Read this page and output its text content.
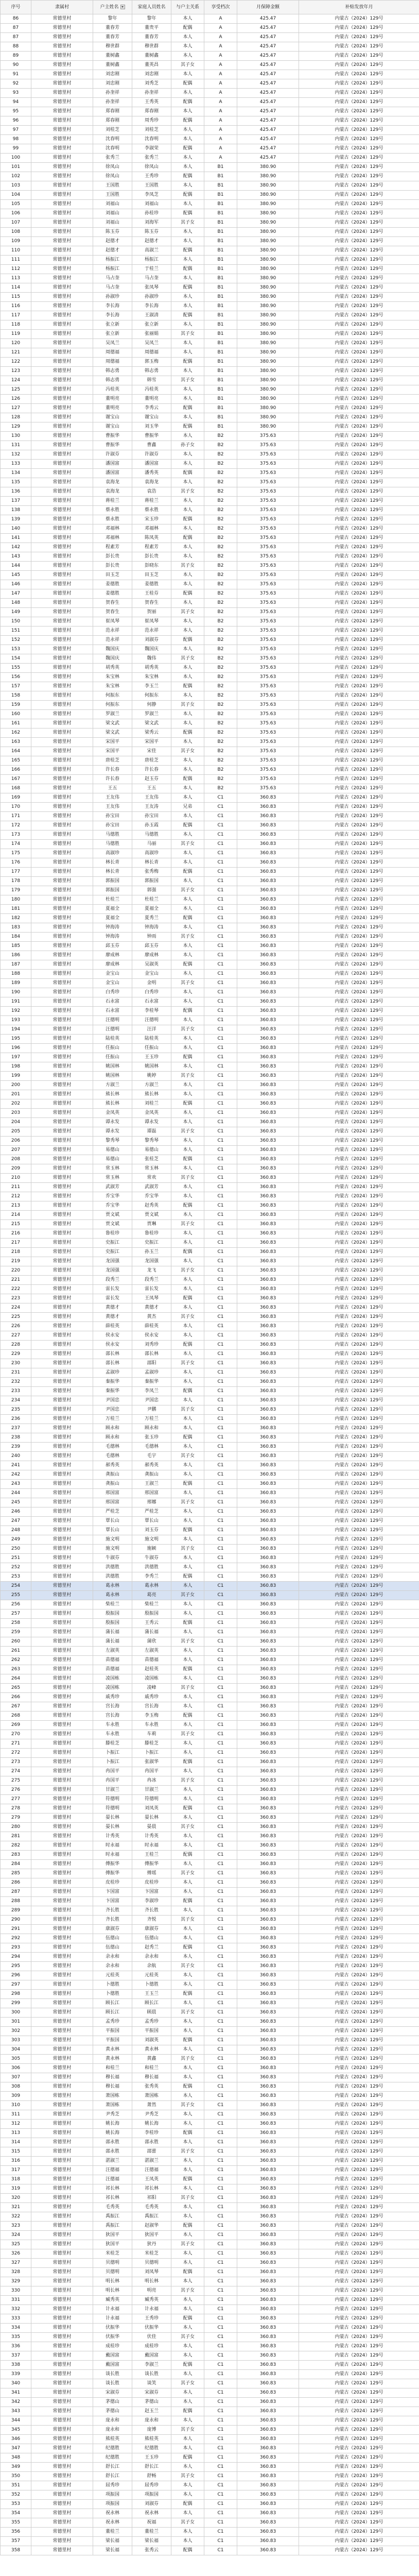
序号	隶属村	户主姓名	家庭人员姓名	与户主关系	享受档次	月保障金额	补贴发放年月
86	常德里村	黎年	黎年	本人	A	425.47	内蒙古（2024）129号
87	常德里村	董春芳	董贵平	配偶	A	425.47	内蒙古（2024）129号
87	常德里村	董春芳	董春芳	本人	A	425.47	内蒙古（2024）129号
88	常德里村	穆世群	穆世群	本人	A	425.47	内蒙古（2024）129号
89	常德里村	董树鑫	董树鑫	本人	A	425.47	内蒙古（2024）129号
90	常德里村	董树鑫	董英昌	其子女	A	425.47	内蒙古（2024）129号
91	常德里村	刘忠刚	刘忠刚	本人	A	425.47	内蒙古（2024）129号
92	常德里村	刘忠刚	刘秀芝	配偶	A	425.47	内蒙古（2024）129号
93	常德里村	孙奎祥	孙奎祥	本人	A	425.47	内蒙古（2024）129号
94	常德里村	孙奎祥	王秀英	配偶	A	425.47	内蒙古（2024）129号
95	常德里村	郑春刚	郑春刚	本人	A	425.47	内蒙古（2024）129号
96	常德里村	郑春刚	周秀珍	配偶	A	425.47	内蒙古（2024）129号
97	常德里村	刘桂芝	刘桂芝	本人	A	425.47	内蒙古（2024）129号
98	常德里村	沈春明	沈春明	本人	A	425.47	内蒙古（2024）129号
99	常德里村	沈春明	李淑荣	配偶	A	425.47	内蒙古（2024）129号
100	常德里村	张秀兰	张秀兰	本人	A	425.47	内蒙古（2024）129号
101	常德里村	徐凤山	徐凤山	本人	B1	380.90	内蒙古（2024）129号
102	常德里村	徐凤山	王秀珍	配偶	B1	380.90	内蒙古（2024）129号
103	常德里村	王国胜	王国胜	本人	B1	380.90	内蒙古（2024）129号
104	常德里村	王国胜	李凤芝	配偶	B1	380.90	内蒙古（2024）129号
105	常德里村	刘福山	刘福山	本人	B1	380.90	内蒙古（2024）129号
106	常德里村	刘福山	孙桂珍	配偶	B1	380.90	内蒙古（2024）129号
107	常德里村	刘福山	刘海军	其子女	B1	380.90	内蒙古（2024）129号
108	常德里村	陈玉芬	陈玉芬	本人	B1	380.90	内蒙古（2024）129号
109	常德里村	赵德才	赵德才	本人	B1	380.90	内蒙古（2024）129号
110	常德里村	赵德才	高淑兰	配偶	B1	380.90	内蒙古（2024）129号
111	常德里村	杨振江	杨振江	本人	B1	380.90	内蒙古（2024）129号
112	常德里村	杨振江	于桂兰	配偶	B1	380.90	内蒙古（2024）129号
113	常德里村	马占奎	马占奎	本人	B1	380.90	内蒙古（2024）129号
114	常德里村	马占奎	张凤琴	配偶	B1	380.90	内蒙古（2024）129号
115	常德里村	孙淑珍	孙淑珍	本人	B1	380.90	内蒙古（2024）129号
116	常德里村	李长海	李长海	本人	B1	380.90	内蒙古（2024）129号
117	常德里村	李长海	王淑清	配偶	B1	380.90	内蒙古（2024）129号
118	常德里村	张立新	张立新	本人	B1	380.90	内蒙古（2024）129号
119	常德里村	张立新	张丽娟	其子女	B1	380.90	内蒙古（2024）129号
120	常德里村	吴凤兰	吴凤兰	本人	B1	380.90	内蒙古（2024）129号
121	常德里村	周德福	周德福	本人	B1	380.90	内蒙古（2024）129号
122	常德里村	周德福	郭玉梅	配偶	B1	380.90	内蒙古（2024）129号
123	常德里村	韩志勇	韩志勇	本人	B1	380.90	内蒙古（2024）129号
124	常德里村	韩志勇	韩雪	其子女	B1	380.90	内蒙古（2024）129号
125	常德里村	冯桂英	冯桂英	本人	B1	380.90	内蒙古（2024）129号
126	常德里村	董明亮	董明亮	本人	B1	380.90	内蒙古（2024）129号
127	常德里村	董明亮	李秀云	配偶	B1	380.90	内蒙古（2024）129号
128	常德里村	谢宝山	谢宝山	本人	B1	380.90	内蒙古（2024）129号
129	常德里村	谢宝山	刘玉华	配偶	B1	380.90	内蒙古（2024）129号
130	常德里村	曹振华	曹振华	本人	B2	375.63	内蒙古（2024）129号
131	常德里村	曹振华	曹鑫	孙子女	B2	375.63	内蒙古（2024）129号
132	常德里村	许淑芬	许淑芬	本人	B2	375.63	内蒙古（2024）129号
133	常德里村	潘国富	潘国富	本人	B2	375.63	内蒙古（2024）129号
134	常德里村	潘国富	潘秀英	配偶	B2	375.63	内蒙古（2024）129号
135	常德里村	袁海龙	袁海龙	本人	B2	375.63	内蒙古（2024）129号
136	常德里村	袁海龙	袁浩	其子女	B2	375.63	内蒙古（2024）129号
137	常德里村	蒋桂兰	蒋桂兰	本人	B2	375.63	内蒙古（2024）129号
138	常德里村	蔡永胜	蔡永胜	本人	B2	375.63	内蒙古（2024）129号
139	常德里村	蔡永胜	宋玉珍	配偶	B2	375.63	内蒙古（2024）129号
140	常德里村	邓福林	邓福林	本人	B2	375.63	内蒙古（2024）129号
141	常德里村	邓福林	陈凤英	配偶	B2	375.63	内蒙古（2024）129号
142	常德里村	程素芳	程素芳	本人	B2	375.63	内蒙古（2024）129号
143	常德里村	彭长贵	彭长贵	本人	B2	375.63	内蒙古（2024）129号
144	常德里村	彭长贵	彭晓东	其子女	B2	375.63	内蒙古（2024）129号
145	常德里村	田玉芝	田玉芝	本人	B2	375.63	内蒙古（2024）129号
146	常德里村	姜德胜	姜德胜	本人	B2	375.63	内蒙古（2024）129号
147	常德里村	姜德胜	王桂芬	配偶	B2	375.63	内蒙古（2024）129号
148	常德里村	贺春生	贺春生	本人	B2	375.63	内蒙古（2024）129号
149	常德里村	贺春生	贺丽	其子女	B2	375.63	内蒙古（2024）129号
150	常德里村	崔凤琴	崔凤琴	本人	B2	375.63	内蒙古（2024）129号
151	常德里村	范永祥	范永祥	本人	B2	375.63	内蒙古（2024）129号
152	常德里村	范永祥	刘淑芬	配偶	B2	375.63	内蒙古（2024）129号
153	常德里村	魏国庆	魏国庆	本人	B2	375.63	内蒙古（2024）129号
154	常德里村	魏国庆	魏伟	其子女	B2	375.63	内蒙古（2024）129号
155	常德里村	胡秀英	胡秀英	本人	B2	375.63	内蒙古（2024）129号
156	常德里村	朱宝林	朱宝林	本人	B2	375.63	内蒙古（2024）129号
157	常德里村	朱宝林	李玉兰	配偶	B2	375.63	内蒙古（2024）129号
158	常德里村	何振东	何振东	本人	B2	375.63	内蒙古（2024）129号
159	常德里村	何振东	何静	其子女	B2	375.63	内蒙古（2024）129号
160	常德里村	罗淑兰	罗淑兰	本人	B2	375.63	内蒙古（2024）129号
161	常德里村	梁文武	梁文武	本人	B2	375.63	内蒙古（2024）129号
162	常德里村	梁文武	梁秀云	配偶	B2	375.63	内蒙古（2024）129号
163	常德里村	宋国平	宋国平	本人	B2	375.63	内蒙古（2024）129号
164	常德里村	宋国平	宋佳	其子女	B2	375.63	内蒙古（2024）129号
165	常德里村	唐桂芝	唐桂芝	本人	B2	375.63	内蒙古（2024）129号
166	常德里村	许长春	许长春	本人	B2	375.63	内蒙古（2024）129号
167	常德里村	许长春	赵玉芬	配偶	B2	375.63	内蒙古（2024）129号
168	常德里村	王五	王五	本人	B2	375.63	内蒙古（2024）129号
169	常德里村	王友伟	王友伟	本人	C1	360.83	内蒙古（2024）129号
170	常德里村	王友伟	王友涛	兄弟	C1	360.83	内蒙古（2024）129号
171	常德里村	孙宝田	孙宝田	本人	C1	360.83	内蒙古（2024）129号
172	常德里村	孙宝田	孙玉霞	配偶	C1	360.83	内蒙古（2024）129号
173	常德里村	马德胜	马德胜	本人	C1	360.83	内蒙古（2024）129号
174	常德里村	马德胜	马丽	其子女	C1	360.83	内蒙古（2024）129号
175	常德里村	高淑珍	高淑珍	本人	C1	360.83	内蒙古（2024）129号
176	常德里村	林长青	林长青	本人	C1	360.83	内蒙古（2024）129号
177	常德里村	林长青	张秀梅	配偶	C1	360.83	内蒙古（2024）129号
178	常德里村	郭振国	郭振国	本人	C1	360.83	内蒙古（2024）129号
179	常德里村	郭振国	郭强	其子女	C1	360.83	内蒙古（2024）129号
180	常德里村	杜桂兰	杜桂兰	本人	C1	360.83	内蒙古（2024）129号
181	常德里村	夏福全	夏福全	本人	C1	360.83	内蒙古（2024）129号
182	常德里村	夏福全	夏秀兰	配偶	C1	360.83	内蒙古（2024）129号
183	常德里村	钟海涛	钟海涛	本人	C1	360.83	内蒙古（2024）129号
184	常德里村	钟海涛	钟雨	其子女	C1	360.83	内蒙古（2024）129号
185	常德里村	邱玉芬	邱玉芬	本人	C1	360.83	内蒙古（2024）129号
186	常德里村	廖成林	廖成林	本人	C1	360.83	内蒙古（2024）129号
187	常德里村	廖成林	吴淑英	配偶	C1	360.83	内蒙古（2024）129号
188	常德里村	金宝山	金宝山	本人	C1	360.83	内蒙古（2024）129号
189	常德里村	金宝山	金明	其子女	C1	360.83	内蒙古（2024）129号
190	常德里村	白秀珍	白秀珍	本人	C1	360.83	内蒙古（2024）129号
191	常德里村	石永富	石永富	本人	C1	360.83	内蒙古（2024）129号
192	常德里村	石永富	李桂琴	配偶	C1	360.83	内蒙古（2024）129号
193	常德里村	汪德明	汪德明	本人	C1	360.83	内蒙古（2024）129号
194	常德里村	汪德明	汪洋	其子女	C1	360.83	内蒙古（2024）129号
195	常德里村	陆桂英	陆桂英	本人	C1	360.83	内蒙古（2024）129号
196	常德里村	任振山	任振山	本人	C1	360.83	内蒙古（2024）129号
197	常德里村	任振山	王玉珍	配偶	C1	360.83	内蒙古（2024）129号
198	常德里村	姚国林	姚国林	本人	C1	360.83	内蒙古（2024）129号
199	常德里村	姚国林	姚婷	其子女	C1	360.83	内蒙古（2024）129号
200	常德里村	方淑兰	方淑兰	本人	C1	360.83	内蒙古（2024）129号
201	常德里村	熊长林	熊长林	本人	C1	360.83	内蒙古（2024）129号
202	常德里村	熊长林	刘桂兰	配偶	C1	360.83	内蒙古（2024）129号
203	常德里村	金凤英	金凤英	本人	C1	360.83	内蒙古（2024）129号
204	常德里村	谭永发	谭永发	本人	C1	360.83	内蒙古（2024）129号
205	常德里村	谭永发	谭磊	其子女	C1	360.83	内蒙古（2024）129号
206	常德里村	黎秀琴	黎秀琴	本人	C1	360.83	内蒙古（2024）129号
207	常德里村	易德山	易德山	本人	C1	360.83	内蒙古（2024）129号
208	常德里村	易德山	张桂芝	配偶	C1	360.83	内蒙古（2024）129号
209	常德里村	常玉林	常玉林	本人	C1	360.83	内蒙古（2024）129号
210	常德里村	常玉林	常欢	其子女	C1	360.83	内蒙古（2024）129号
211	常德里村	武淑芳	武淑芳	本人	C1	360.83	内蒙古（2024）129号
212	常德里村	乔宝华	乔宝华	本人	C1	360.83	内蒙古（2024）129号
213	常德里村	乔宝华	赵秀英	配偶	C1	360.83	内蒙古（2024）129号
214	常德里村	贾文斌	贾文斌	本人	C1	360.83	内蒙古（2024）129号
215	常德里村	贾文斌	贾琳	其子女	C1	360.83	内蒙古（2024）129号
216	常德里村	鲁桂珍	鲁桂珍	本人	C1	360.83	内蒙古（2024）129号
217	常德里村	史振江	史振江	本人	C1	360.83	内蒙古（2024）129号
218	常德里村	史振江	孙玉兰	配偶	C1	360.83	内蒙古（2024）129号
219	常德里村	龙国强	龙国强	本人	C1	360.83	内蒙古（2024）129号
220	常德里村	龙国强	龙飞	其子女	C1	360.83	内蒙古（2024）129号
221	常德里村	段秀兰	段秀兰	本人	C1	360.83	内蒙古（2024）129号
222	常德里村	雷长发	雷长发	本人	C1	360.83	内蒙古（2024）129号
223	常德里村	雷长发	王凤琴	配偶	C1	360.83	内蒙古（2024）129号
224	常德里村	黄德才	黄德才	本人	C1	360.83	内蒙古（2024）129号
225	常德里村	黄德才	黄杰	其子女	C1	360.83	内蒙古（2024）129号
226	常德里村	薛桂英	薛桂英	本人	C1	360.83	内蒙古（2024）129号
227	常德里村	侯永安	侯永安	本人	C1	360.83	内蒙古（2024）129号
228	常德里村	侯永安	刘秀珍	配偶	C1	360.83	内蒙古（2024）129号
229	常德里村	邵长林	邵长林	本人	C1	360.83	内蒙古（2024）129号
230	常德里村	邵长林	邵阳	其子女	C1	360.83	内蒙古（2024）129号
231	常德里村	孟淑珍	孟淑珍	本人	C1	360.83	内蒙古（2024）129号
232	常德里村	秦振华	秦振华	本人	C1	360.83	内蒙古（2024）129号
233	常德里村	秦振华	李凤兰	配偶	C1	360.83	内蒙古（2024）129号
234	常德里村	尹国忠	尹国忠	本人	C1	360.83	内蒙古（2024）129号
235	常德里村	尹国忠	尹鹏	其子女	C1	360.83	内蒙古（2024）129号
236	常德里村	万桂兰	万桂兰	本人	C1	360.83	内蒙古（2024）129号
237	常德里村	顾永和	顾永和	本人	C1	360.83	内蒙古（2024）129号
238	常德里村	顾永和	张玉珍	配偶	C1	360.83	内蒙古（2024）129号
239	常德里村	毛德林	毛德林	本人	C1	360.83	内蒙古（2024）129号
240	常德里村	毛德林	毛宇	其子女	C1	360.83	内蒙古（2024）129号
241	常德里村	郝秀英	郝秀英	本人	C1	360.83	内蒙古（2024）129号
242	常德里村	龚振山	龚振山	本人	C1	360.83	内蒙古（2024）129号
243	常德里村	龚振山	王淑兰	配偶	C1	360.83	内蒙古（2024）129号
244	常德里村	邢国富	邢国富	本人	C1	360.83	内蒙古（2024）129号
245	常德里村	邢国富	邢娜	其子女	C1	360.83	内蒙古（2024）129号
246	常德里村	严桂芝	严桂芝	本人	C1	360.83	内蒙古（2024）129号
247	常德里村	覃长山	覃长山	本人	C1	360.83	内蒙古（2024）129号
248	常德里村	覃长山	刘玉芬	配偶	C1	360.83	内蒙古（2024）129号
249	常德里村	施文明	施文明	本人	C1	360.83	内蒙古（2024）129号
250	常德里村	施文明	施颖	其子女	C1	360.83	内蒙古（2024）129号
251	常德里村	牛淑芬	牛淑芬	本人	C1	360.83	内蒙古（2024）129号
252	常德里村	洪德胜	洪德胜	本人	C1	360.83	内蒙古（2024）129号
253	常德里村	洪德胜	李秀兰	配偶	C1	360.83	内蒙古（2024）129号
254	常德里村	葛永林	葛永林	本人	C1	360.83	内蒙古（2024）129号
255	常德里村	葛永林	葛亮	其子女	C1	360.83	内蒙古（2024）129号
256	常德里村	柴桂兰	柴桂兰	本人	C1	360.83	内蒙古（2024）129号
257	常德里村	殷振国	殷振国	本人	C1	360.83	内蒙古（2024）129号
258	常德里村	殷振国	王秀云	配偶	C1	360.83	内蒙古（2024）129号
259	常德里村	蒲长福	蒲长福	本人	C1	360.83	内蒙古（2024）129号
260	常德里村	蒲长福	蒲欣	其子女	C1	360.83	内蒙古（2024）129号
261	常德里村	左淑英	左淑英	本人	C1	360.83	内蒙古（2024）129号
262	常德里村	苗德福	苗德福	本人	C1	360.83	内蒙古（2024）129号
263	常德里村	苗德福	赵桂英	配偶	C1	360.83	内蒙古（2024）129号
264	常德里村	凌国栋	凌国栋	本人	C1	360.83	内蒙古（2024）129号
265	常德里村	凌国栋	凌峰	其子女	C1	360.83	内蒙古（2024）129号
266	常德里村	戚秀珍	戚秀珍	本人	C1	360.83	内蒙古（2024）129号
267	常德里村	宫长海	宫长海	本人	C1	360.83	内蒙古（2024）129号
268	常德里村	宫长海	李玉梅	配偶	C1	360.83	内蒙古（2024）129号
269	常德里村	车永胜	车永胜	本人	C1	360.83	内蒙古（2024）129号
270	常德里村	车永胜	车莉	其子女	C1	360.83	内蒙古（2024）129号
271	常德里村	滕桂芝	滕桂芝	本人	C1	360.83	内蒙古（2024）129号
272	常德里村	卜振江	卜振江	本人	C1	360.83	内蒙古（2024）129号
273	常德里村	卜振江	张淑华	配偶	C1	360.83	内蒙古（2024）129号
274	常德里村	冉国平	冉国平	本人	C1	360.83	内蒙古（2024）129号
275	常德里村	冉国平	冉冰	其子女	C1	360.83	内蒙古（2024）129号
276	常德里村	甘淑兰	甘淑兰	本人	C1	360.83	内蒙古（2024）129号
277	常德里村	符德明	符德明	本人	C1	360.83	内蒙古（2024）129号
278	常德里村	符德明	刘凤英	配偶	C1	360.83	内蒙古（2024）129号
279	常德里村	晏长林	晏长林	本人	C1	360.83	内蒙古（2024）129号
280	常德里村	晏长林	晏晨	其子女	C1	360.83	内蒙古（2024）129号
281	常德里村	计秀英	计秀英	本人	C1	360.83	内蒙古（2024）129号
282	常德里村	时永福	时永福	本人	C1	360.83	内蒙古（2024）129号
283	常德里村	时永福	王桂兰	配偶	C1	360.83	内蒙古（2024）129号
284	常德里村	傅振华	傅振华	本人	C1	360.83	内蒙古（2024）129号
285	常德里村	傅振华	傅瑶	其子女	C1	360.83	内蒙古（2024）129号
286	常德里村	皮桂珍	皮桂珍	本人	C1	360.83	内蒙古（2024）129号
287	常德里村	卞国富	卞国富	本人	C1	360.83	内蒙古（2024）129号
288	常德里村	卞国富	李淑珍	配偶	C1	360.83	内蒙古（2024）129号
289	常德里村	齐长胜	齐长胜	本人	C1	360.83	内蒙古（2024）129号
290	常德里村	齐长胜	齐悦	其子女	C1	360.83	内蒙古（2024）129号
291	常德里村	康淑芬	康淑芬	本人	C1	360.83	内蒙古（2024）129号
292	常德里村	伍德山	伍德山	本人	C1	360.83	内蒙古（2024）129号
293	常德里村	伍德山	赵秀兰	配偶	C1	360.83	内蒙古（2024）129号
294	常德里村	余永和	余永和	本人	C1	360.83	内蒙古（2024）129号
295	常德里村	余永和	余航	其子女	C1	360.83	内蒙古（2024）129号
296	常德里村	元桂英	元桂英	本人	C1	360.83	内蒙古（2024）129号
297	常德里村	卜德胜	卜德胜	本人	C1	360.83	内蒙古（2024）129号
298	常德里村	卜德胜	王玉兰	配偶	C1	360.83	内蒙古（2024）129号
299	常德里村	顾长江	顾长江	本人	C1	360.83	内蒙古（2024）129号
300	常德里村	顾长江	顾晨	其子女	C1	360.83	内蒙古（2024）129号
301	常德里村	孟秀珍	孟秀珍	本人	C1	360.83	内蒙古（2024）129号
302	常德里村	平振国	平振国	本人	C1	360.83	内蒙古（2024）129号
303	常德里村	平振国	刘淑英	配偶	C1	360.83	内蒙古（2024）129号
304	常德里村	黄永林	黄永林	本人	C1	360.83	内蒙古（2024）129号
305	常德里村	黄永林	黄鑫	其子女	C1	360.83	内蒙古（2024）129号
306	常德里村	和桂兰	和桂兰	本人	C1	360.83	内蒙古（2024）129号
307	常德里村	穆长福	穆长福	本人	C1	360.83	内蒙古（2024）129号
308	常德里村	穆长福	张秀英	配偶	C1	360.83	内蒙古（2024）129号
309	常德里村	萧国栋	萧国栋	本人	C1	360.83	内蒙古（2024）129号
310	常德里村	萧国栋	萧然	其子女	C1	360.83	内蒙古（2024）129号
311	常德里村	尹秀芝	尹秀芝	本人	C1	360.83	内蒙古（2024）129号
312	常德里村	姚长海	姚长海	本人	C1	360.83	内蒙古（2024）129号
313	常德里村	姚长海	李桂珍	配偶	C1	360.83	内蒙古（2024）129号
314	常德里村	邵永胜	邵永胜	本人	C1	360.83	内蒙古（2024）129号
315	常德里村	邵永胜	邵蕾	其子女	C1	360.83	内蒙古（2024）129号
316	常德里村	湛淑兰	湛淑兰	本人	C1	360.83	内蒙古（2024）129号
317	常德里村	汪德福	汪德福	本人	C1	360.83	内蒙古（2024）129号
318	常德里村	汪德福	王凤英	配偶	C1	360.83	内蒙古（2024）129号
319	常德里村	祁长林	祁长林	本人	C1	360.83	内蒙古（2024）129号
320	常德里村	祁长林	祁阳	其子女	C1	360.83	内蒙古（2024）129号
321	常德里村	毛秀英	毛秀英	本人	C1	360.83	内蒙古（2024）129号
322	常德里村	禹振江	禹振江	本人	C1	360.83	内蒙古（2024）129号
323	常德里村	禹振江	赵淑华	配偶	C1	360.83	内蒙古（2024）129号
324	常德里村	狄国平	狄国平	本人	C1	360.83	内蒙古（2024）129号
325	常德里村	狄国平	狄丹	其子女	C1	360.83	内蒙古（2024）129号
326	常德里村	米桂芝	米桂芝	本人	C1	360.83	内蒙古（2024）129号
327	常德里村	贝德明	贝德明	本人	C1	360.83	内蒙古（2024）129号
328	常德里村	贝德明	刘凤琴	配偶	C1	360.83	内蒙古（2024）129号
329	常德里村	明长林	明长林	本人	C1	360.83	内蒙古（2024）129号
330	常德里村	明长林	明亮	其子女	C1	360.83	内蒙古（2024）129号
331	常德里村	臧秀英	臧秀英	本人	C1	360.83	内蒙古（2024）129号
332	常德里村	计永福	计永福	本人	C1	360.83	内蒙古（2024）129号
333	常德里村	计永福	王秀珍	配偶	C1	360.83	内蒙古（2024）129号
334	常德里村	伏振华	伏振华	本人	C1	360.83	内蒙古（2024）129号
335	常德里村	伏振华	伏佳	其子女	C1	360.83	内蒙古（2024）129号
336	常德里村	成桂珍	成桂珍	本人	C1	360.83	内蒙古（2024）129号
337	常德里村	戴国富	戴国富	本人	C1	360.83	内蒙古（2024）129号
338	常德里村	戴国富	李淑兰	配偶	C1	360.83	内蒙古（2024）129号
339	常德里村	谈长胜	谈长胜	本人	C1	360.83	内蒙古（2024）129号
340	常德里村	谈长胜	谈笑	其子女	C1	360.83	内蒙古（2024）129号
341	常德里村	宋淑芬	宋淑芬	本人	C1	360.83	内蒙古（2024）129号
342	常德里村	茅德山	茅德山	本人	C1	360.83	内蒙古（2024）129号
343	常德里村	茅德山	赵玉兰	配偶	C1	360.83	内蒙古（2024）129号
344	常德里村	庞永和	庞永和	本人	C1	360.83	内蒙古（2024）129号
345	常德里村	庞永和	庞博	其子女	C1	360.83	内蒙古（2024）129号
346	常德里村	熊桂英	熊桂英	本人	C1	360.83	内蒙古（2024）129号
347	常德里村	纪德胜	纪德胜	本人	C1	360.83	内蒙古（2024）129号
348	常德里村	纪德胜	王玉珍	配偶	C1	360.83	内蒙古（2024）129号
349	常德里村	舒长江	舒长江	本人	C1	360.83	内蒙古（2024）129号
350	常德里村	舒长江	舒畅	其子女	C1	360.83	内蒙古（2024）129号
351	常德里村	屈秀珍	屈秀珍	本人	C1	360.83	内蒙古（2024）129号
352	常德里村	项振国	项振国	本人	C1	360.83	内蒙古（2024）129号
353	常德里村	项振国	刘淑芬	配偶	C1	360.83	内蒙古（2024）129号
354	常德里村	祝永林	祝永林	本人	C1	360.83	内蒙古（2024）129号
355	常德里村	祝永林	祝福	其子女	C1	360.83	内蒙古（2024）129号
356	常德里村	董桂兰	董桂兰	本人	C1	360.83	内蒙古（2024）129号
357	常德里村	梁长福	梁长福	本人	C1	360.83	内蒙古（2024）129号
358	常德里村	梁长福	张秀云	配偶	C1	360.83	内蒙古（2024）129号
